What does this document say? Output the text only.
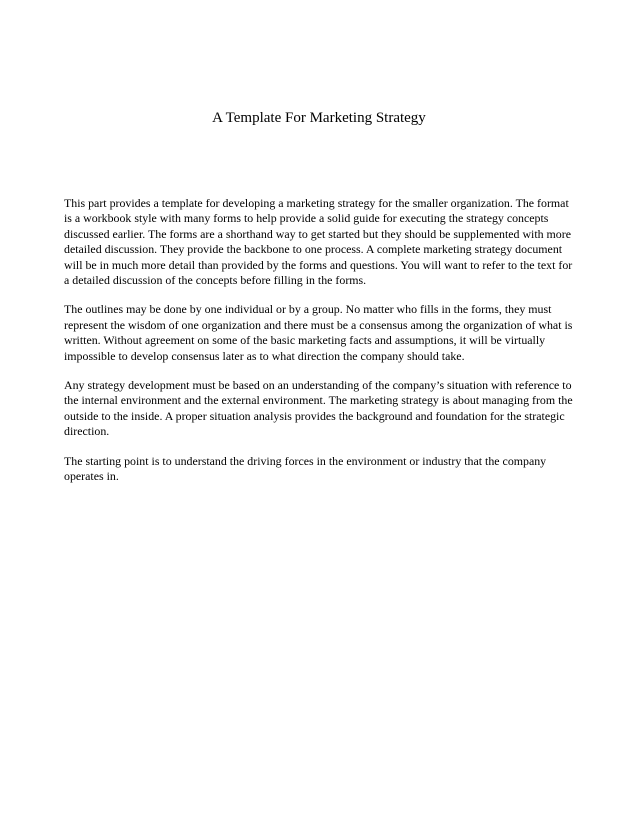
A Template For Marketing Strategy

This part provides a template for developing a marketing strategy for the smaller organization. The format is a workbook style with many forms to help provide a solid guide for executing the strategy concepts discussed earlier. The forms are a shorthand way to get started but they should be supplemented with more detailed discussion. They provide the backbone to one process. A complete marketing strategy document will be in much more detail than provided by the forms and questions. You will want to refer to the text for a detailed discussion of the concepts before filling in the forms.

The outlines may be done by one individual or by a group. No matter who fills in the forms, they must represent the wisdom of one organization and there must be a consensus among the organization of what is written. Without agreement on some of the basic marketing facts and assumptions, it will be virtually impossible to develop consensus later as to what direction the company should take.

Any strategy development must be based on an understanding of the company’s situation with reference to the internal environment and the external environment. The marketing strategy is about managing from the outside to the inside. A proper situation analysis provides the background and foundation for the strategic direction.

The starting point is to understand the driving forces in the environment or industry that the company operates in.
